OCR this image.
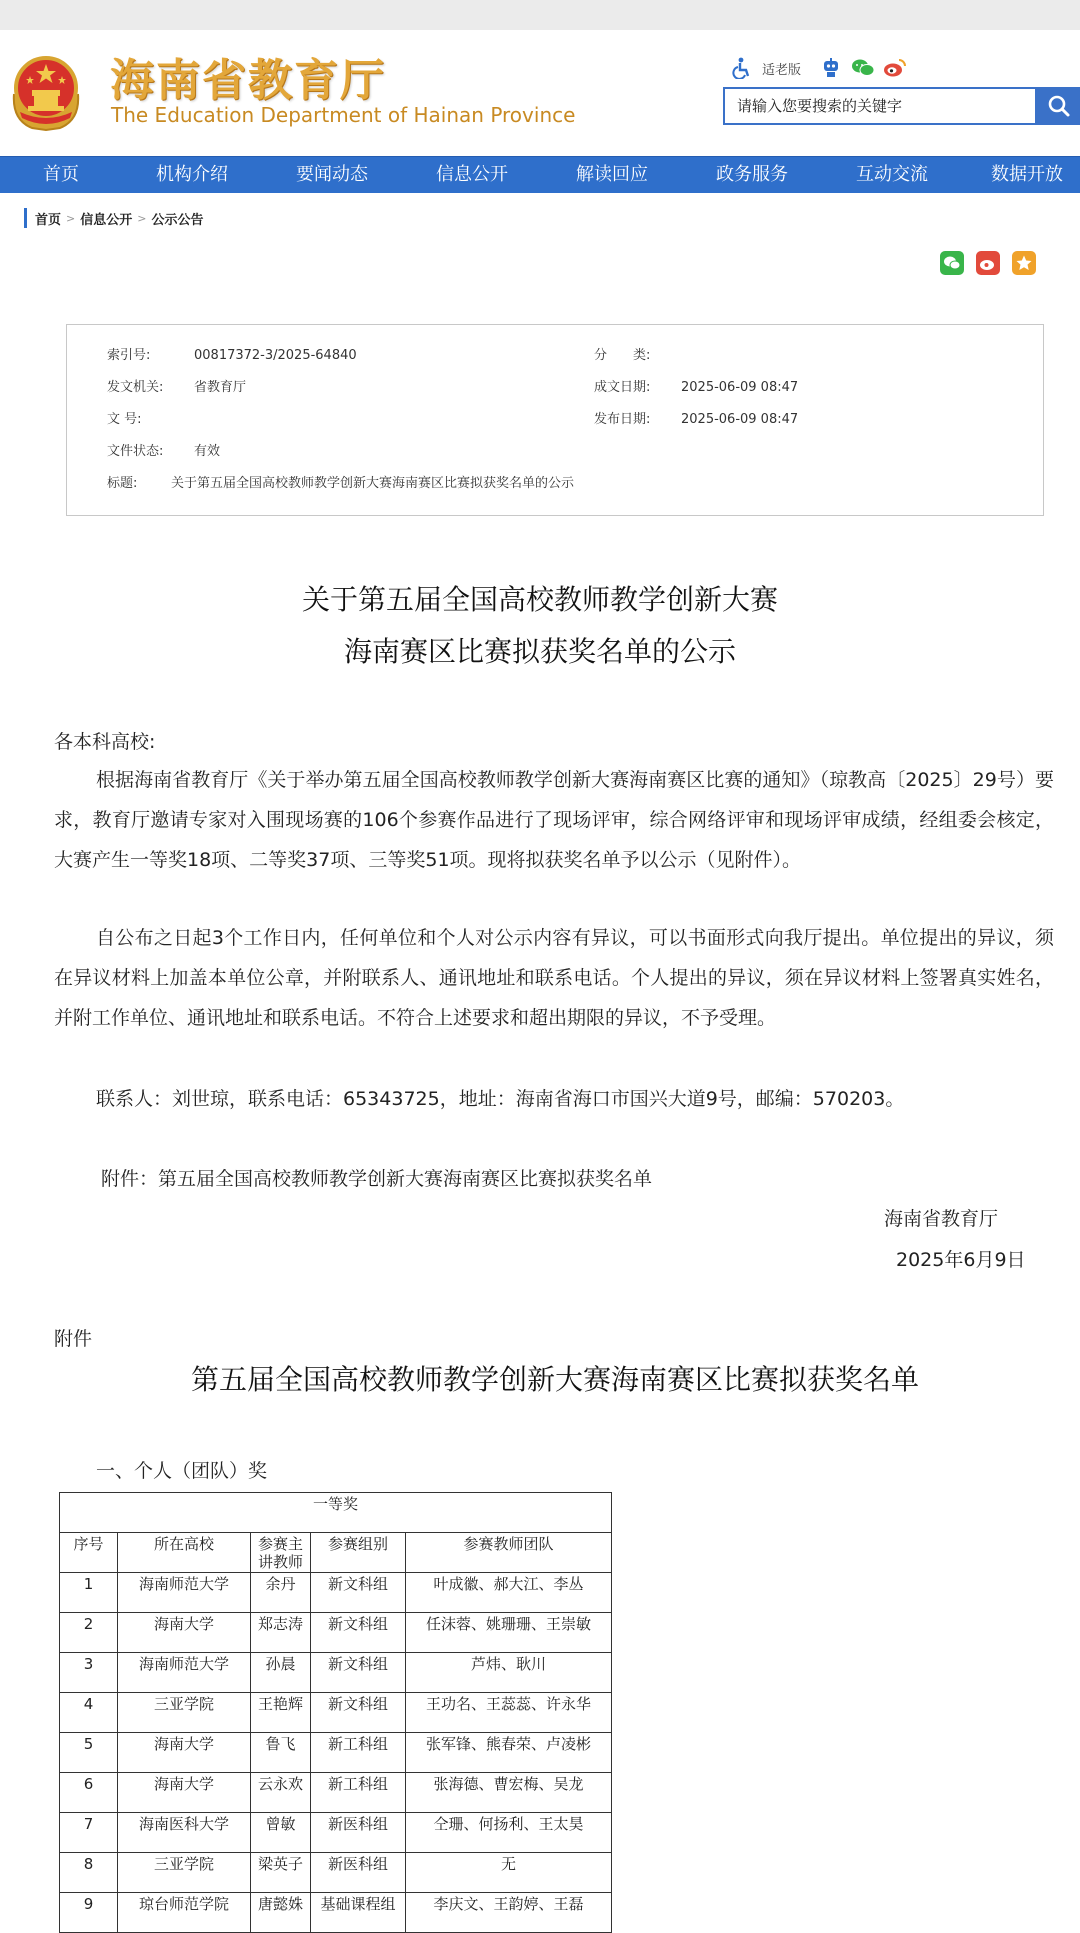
海南省教育厅
The Education Department of Hainan Province
适老版
请输入您要搜索的关键字
首页	机构介绍	要闻动态	信息公开	解读回应	政务服务	互动交流	数据开放
首页 > 信息公开 > 公示公告
索引号:	00817372-3/2025-64840	分　　类:
发文机关: 省教育厅	成文日期: 2025-06-09 08:47
文 号:	发布日期: 2025-06-09 08:47
文件状态: 有效
标题:	关于第五届全国高校教师教学创新大赛海南赛区比赛拟获奖名单的公示
关于第五届全国高校教师教学创新大赛
海南赛区比赛拟获奖名单的公示
各本科高校:
根据海南省教育厅《关于举办第五届全国高校教师教学创新大赛海南赛区比赛的通知》（琼教高〔2025〕29号）要求，教育厅邀请专家对入围现场赛的106个参赛作品进行了现场评审，综合网络评审和现场评审成绩，经组委会核定，大赛产生一等奖18项、二等奖37项、三等奖51项。现将拟获奖名单予以公示（见附件）。
自公布之日起3个工作日内，任何单位和个人对公示内容有异议，可以书面形式向我厅提出。单位提出的异议，须在异议材料上加盖本单位公章，并附联系人、通讯地址和联系电话。个人提出的异议，须在异议材料上签署真实姓名，并附工作单位、通讯地址和联系电话。不符合上述要求和超出期限的异议，不予受理。
联系人：刘世琼，联系电话：65343725，地址：海南省海口市国兴大道9号，邮编：570203。
附件：第五届全国高校教师教学创新大赛海南赛区比赛拟获奖名单
海南省教育厅
2025年6月9日
附件
第五届全国高校教师教学创新大赛海南赛区比赛拟获奖名单
一、个人（团队）奖
一等奖				
序号	所在高校	参赛主讲教师	参赛组别	参赛教师团队
1	海南师范大学	余丹	新文科组	叶成徽、郝大江、李丛
2	海南大学	郑志涛	新文科组	任沫蓉、姚珊珊、王崇敏
3	海南师范大学	孙晨	新文科组	芦炜、耿川
4	三亚学院	王艳辉	新文科组	王功名、王蕊蕊、许永华
5	海南大学	鲁飞	新工科组	张军锋、熊春荣、卢凌彬
6	海南大学	云永欢	新工科组	张海德、曹宏梅、吴龙
7	海南医科大学	曾敏	新医科组	仝珊、何扬利、王太昊
8	三亚学院	梁英子	新医科组	无
9	琼台师范学院	唐懿姝	基础课程组	李庆文、王韵婷、王磊
